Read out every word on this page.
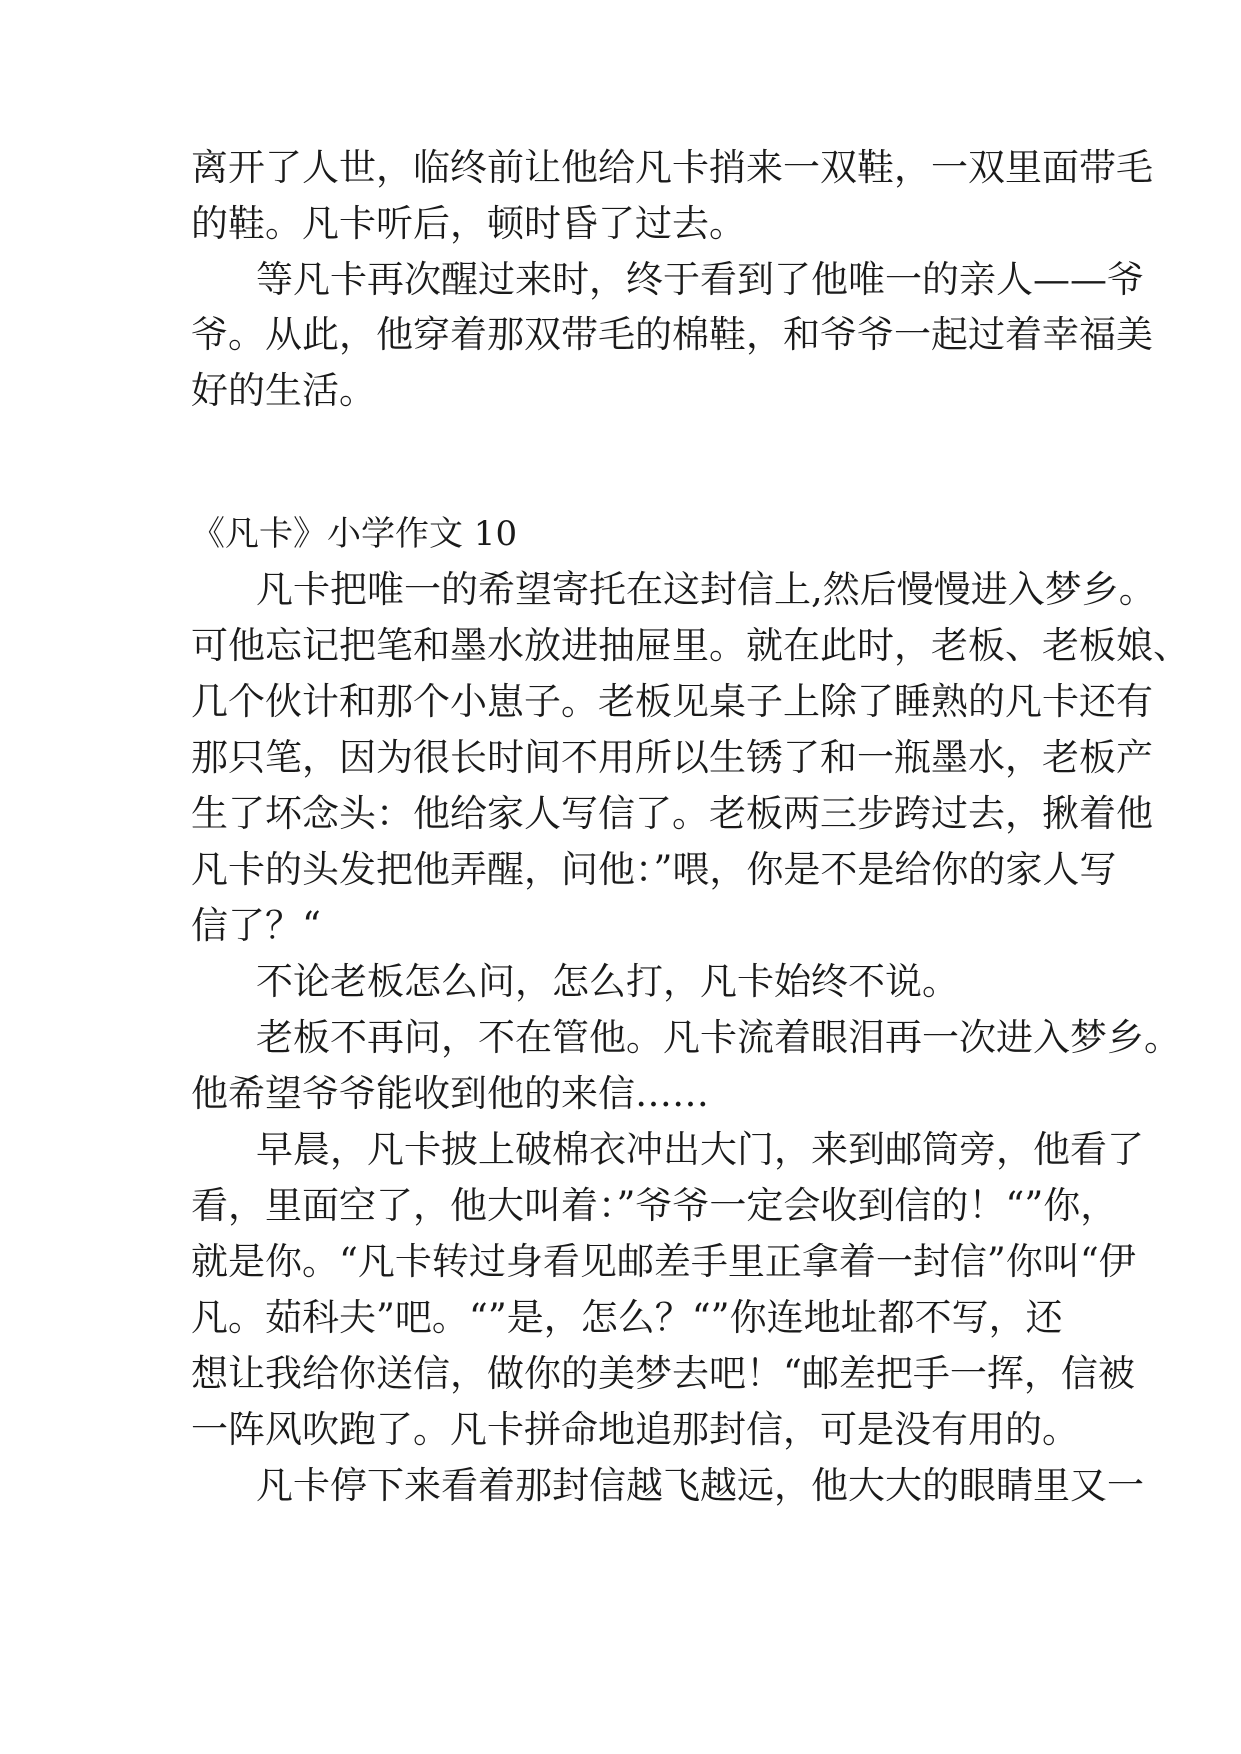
离开了人世，临终前让他给凡卡捎来一双鞋，一双里面带毛
的鞋。凡卡听后，顿时昏了过去。
等凡卡再次醒过来时，终于看到了他唯一的亲人——爷
爷。从此，他穿着那双带毛的棉鞋，和爷爷一起过着幸福美
好的生活。
《凡卡》小学作文 10
凡卡把唯一的希望寄托在这封信上,然后慢慢进入梦乡。
可他忘记把笔和墨水放进抽屉里。就在此时，老板、老板娘、
几个伙计和那个小崽子。老板见桌子上除了睡熟的凡卡还有
那只笔，因为很长时间不用所以生锈了和一瓶墨水，老板产
生了坏念头：他给家人写信了。老板两三步跨过去，揪着他
凡卡的头发把他弄醒，问他：”喂，你是不是给你的家人写
信了？“
不论老板怎么问，怎么打，凡卡始终不说。
老板不再问，不在管他。凡卡流着眼泪再一次进入梦乡。
他希望爷爷能收到他的来信……
早晨，凡卡披上破棉衣冲出大门，来到邮筒旁，他看了
看，里面空了，他大叫着：”爷爷一定会收到信的！“”你，
就是你。“凡卡转过身看见邮差手里正拿着一封信”你叫“伊
凡。茹科夫”吧。“”是，怎么？“”你连地址都不写，还
想让我给你送信，做你的美梦去吧！“邮差把手一挥，信被
一阵风吹跑了。凡卡拼命地追那封信，可是没有用的。
凡卡停下来看着那封信越飞越远，他大大的眼睛里又一
